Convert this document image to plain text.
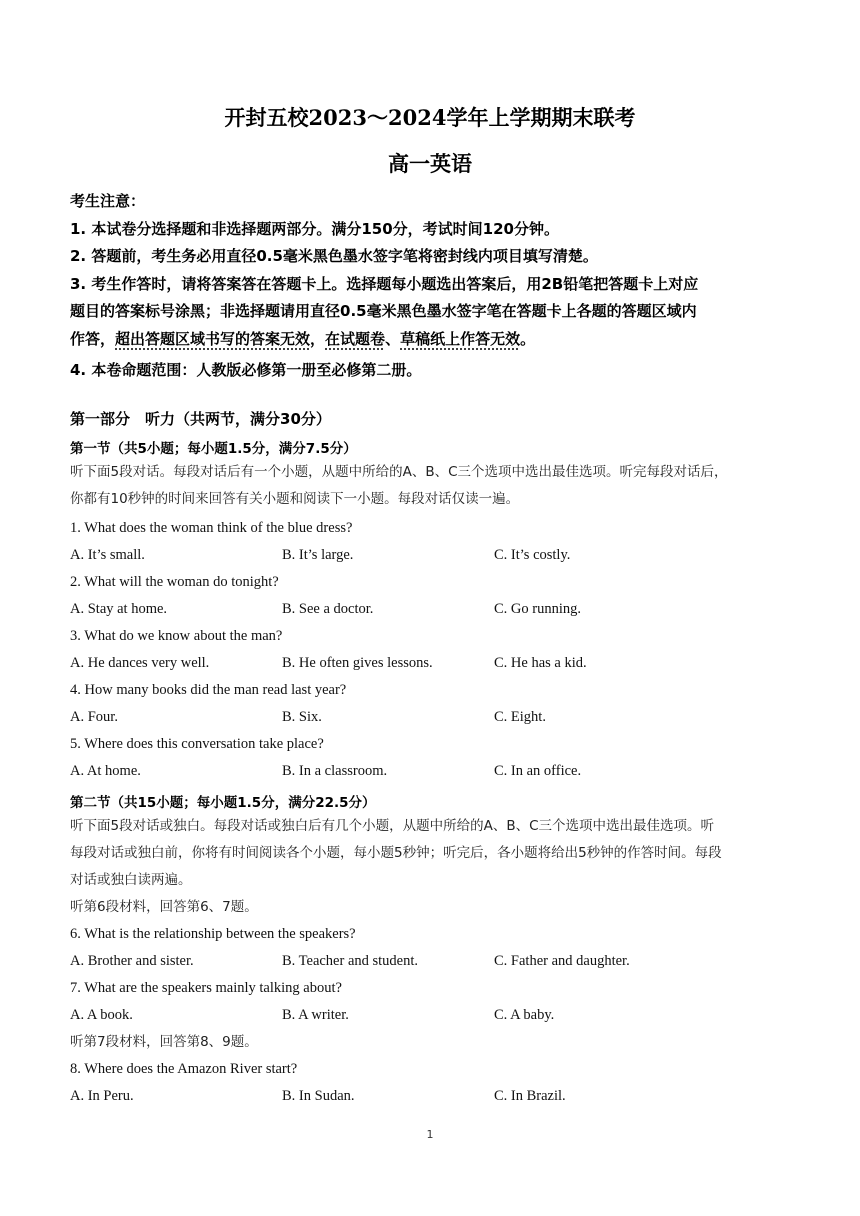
开封五校2023～2024学年上学期期末联考
高一英语

考生注意：

1. 本试卷分选择题和非选择题两部分。满分150分，考试时间120分钟。

2. 答题前，考生务必用直径0.5毫米黑色墨水签字笔将密封线内项目填写清楚。

3. 考生作答时，请将答案答在答题卡上。选择题每小题选出答案后，用2B铅笔把答题卡上对应

题目的答案标号涂黑；非选择题请用直径0.5毫米黑色墨水签字笔在答题卡上各题的答题区域内

作答，超出答题区域书写的答案无效，在试题卷、草稿纸上作答无效。

4. 本卷命题范围：人教版必修第一册至必修第二册。

第一部分　听力（共两节，满分30分）
第一节（共5小题；每小题1.5分，满分7.5分）

听下面5段对话。每段对话后有一个小题，从题中所给的A、B、C三个选项中选出最佳选项。听完每段对话后，

你都有10秒钟的时间来回答有关小题和阅读下一小题。每段对话仅读一遍。

1. What does the woman think of the blue dress?
A. It’s small.	B. It’s large.	C. It’s costly.
2. What will the woman do tonight?
A. Stay at home.	B. See a doctor.	C. Go running.
3. What do we know about the man?
A. He dances very well.	B. He often gives lessons.	C. He has a kid.
4. How many books did the man read last year?
A. Four.	B. Six.	C. Eight.
5. Where does this conversation take place?
A. At home.	B. In a classroom.	C. In an office.
第二节（共15小题；每小题1.5分，满分22.5分）

听下面5段对话或独白。每段对话或独白后有几个小题，从题中所给的A、B、C三个选项中选出最佳选项。听

每段对话或独白前，你将有时间阅读各个小题，每小题5秒钟；听完后，各小题将给出5秒钟的作答时间。每段

对话或独白读两遍。

听第6段材料，回答第6、7题。

6. What is the relationship between the speakers?
A. Brother and sister.	B. Teacher and student.	C. Father and daughter.
7. What are the speakers mainly talking about?
A. A book.	B. A writer.	C. A baby.

听第7段材料，回答第8、9题。

8. Where does the Amazon River start?
A. In Peru.	B. In Sudan.	C. In Brazil.
1
